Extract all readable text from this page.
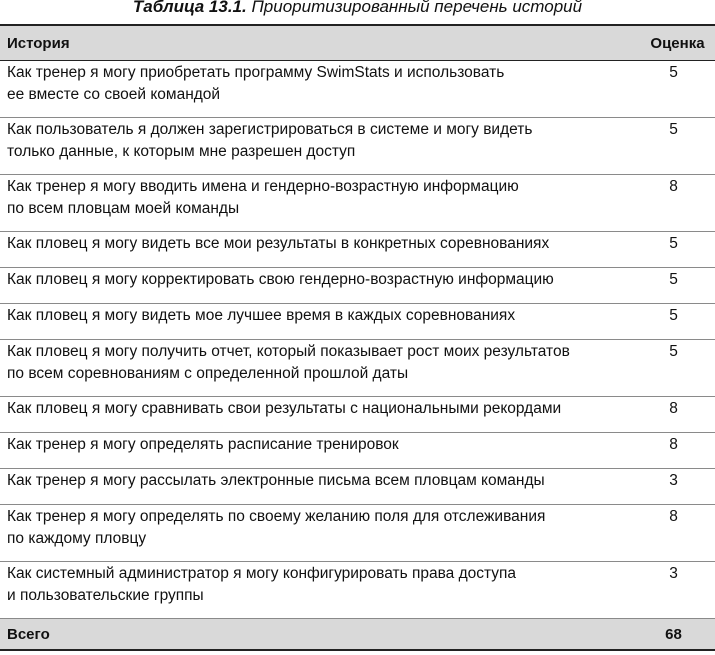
Таблица 13.1. Приоритизированный перечень историй
История	Оценка
Как тренер я могу приобретать программу SwimStats и использовать
ее вместе со своей командой	5
Как пользователь я должен зарегистрироваться в системе и могу видеть
только данные, к которым мне разрешен доступ	5
Как тренер я могу вводить имена и гендерно-возрастную информацию
по всем пловцам моей команды	8
Как пловец я могу видеть все мои результаты в конкретных соревнованиях	5
Как пловец я могу корректировать свою гендерно-возрастную информацию	5
Как пловец я могу видеть мое лучшее время в каждых соревнованиях	5
Как пловец я могу получить отчет, который показывает рост моих результатов
по всем соревнованиям с определенной прошлой даты	5
Как пловец я могу сравнивать свои результаты с национальными рекордами	8
Как тренер я могу определять расписание тренировок	8
Как тренер я могу рассылать электронные письма всем пловцам команды	3
Как тренер я могу определять по своему желанию поля для отслеживания
по каждому пловцу	8
Как системный администратор я могу конфигурировать права доступа
и пользовательские группы	3
Всего	68
